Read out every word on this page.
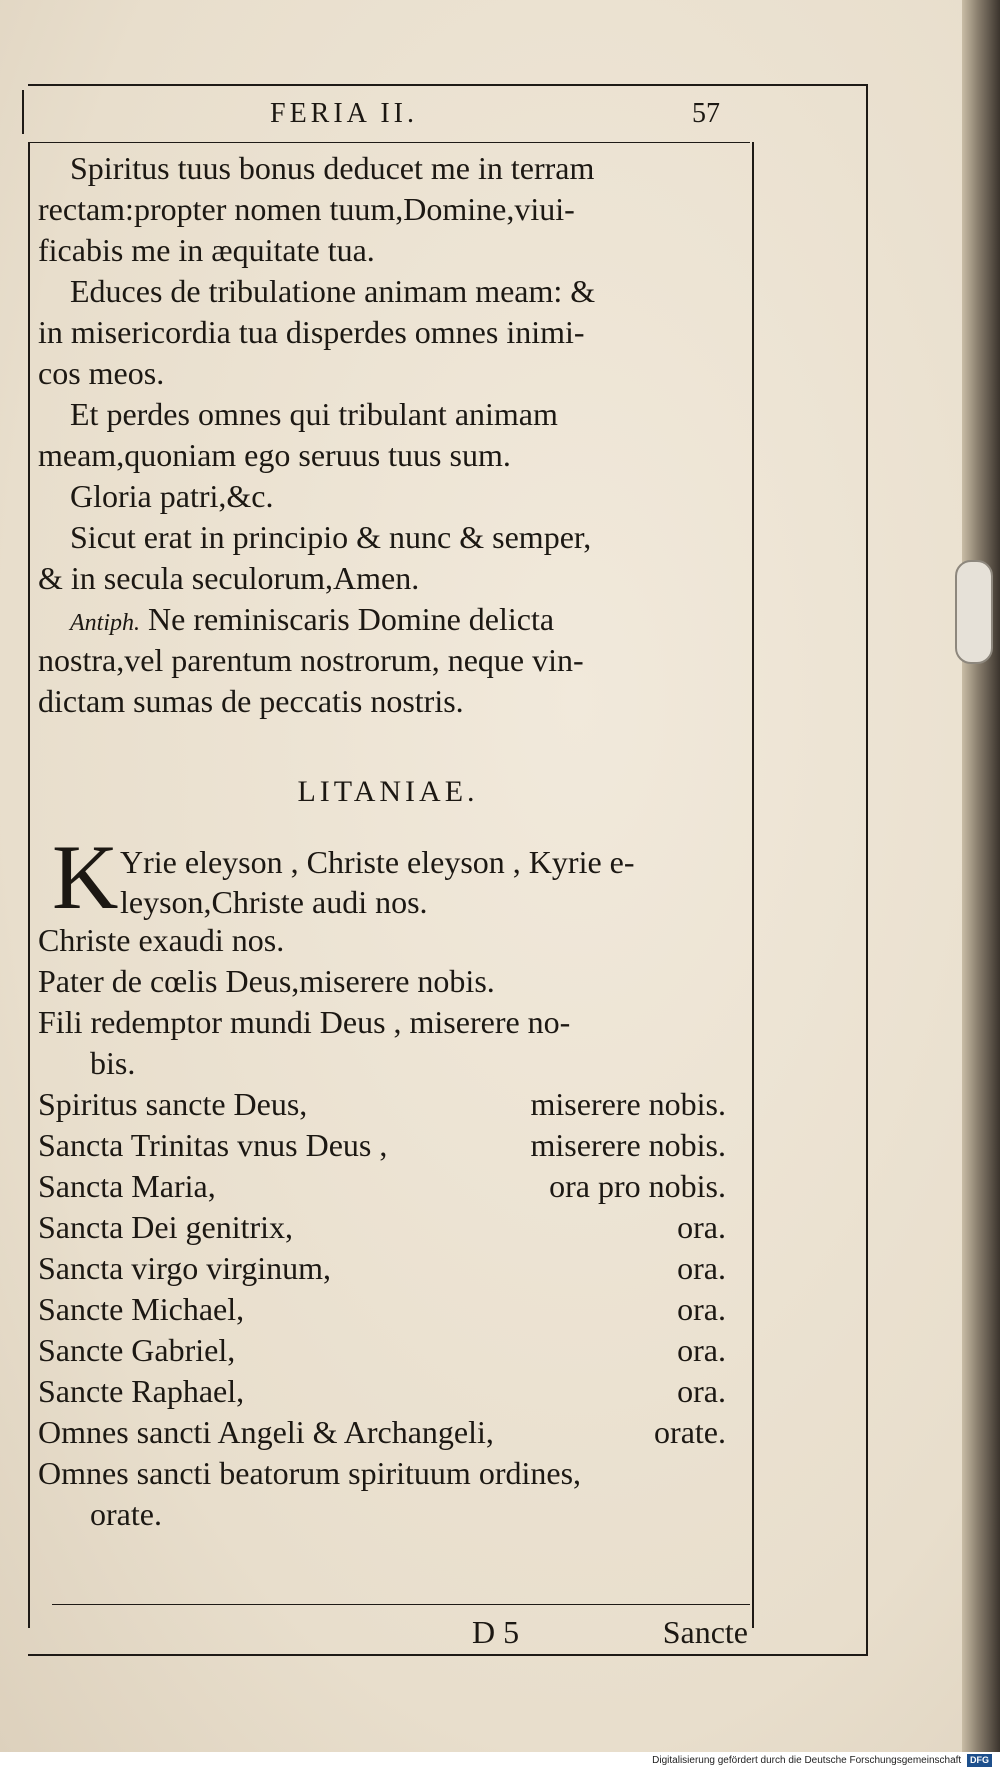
FERIA II.	57
Spiritus tuus bonus deducet me in terram
rectam:propter nomen tuum,Domine,viui-
ficabis me in æquitate tua.
Educes de tribulatione animam meam: &
in misericordia tua disperdes omnes inimi-
cos meos.
Et perdes omnes qui tribulant animam
meam,quoniam ego seruus tuus sum.
Gloria patri,&c.
Sicut erat in principio & nunc & semper,
& in secula seculorum,Amen.
Antiph. Ne reminiscaris Domine delicta
nostra,vel parentum nostrorum, neque vin-
dictam sumas de peccatis nostris.
LITANIAE.
K Yrie eleyson , Christe eleyson , Kyrie e-
leyson,Christe audi nos.
Christe exaudi nos.
Pater de cœlis Deus,miserere nobis.
Fili redemptor mundi Deus , miserere no-
bis.
Spiritus sancte Deus,	miserere nobis.
Sancta Trinitas vnus Deus ,	miserere nobis.
Sancta Maria,	ora pro nobis.
Sancta Dei genitrix,	ora.
Sancta virgo virginum,	ora.
Sancte Michael,	ora.
Sancte Gabriel,	ora.
Sancte Raphael,	ora.
Omnes sancti Angeli & Archangeli,	orate.
Omnes sancti beatorum spirituum ordines,
orate.
D 5	Sancte
Digitalisierung gefördert durch die Deutsche Forschungsgemeinschaft DFG
